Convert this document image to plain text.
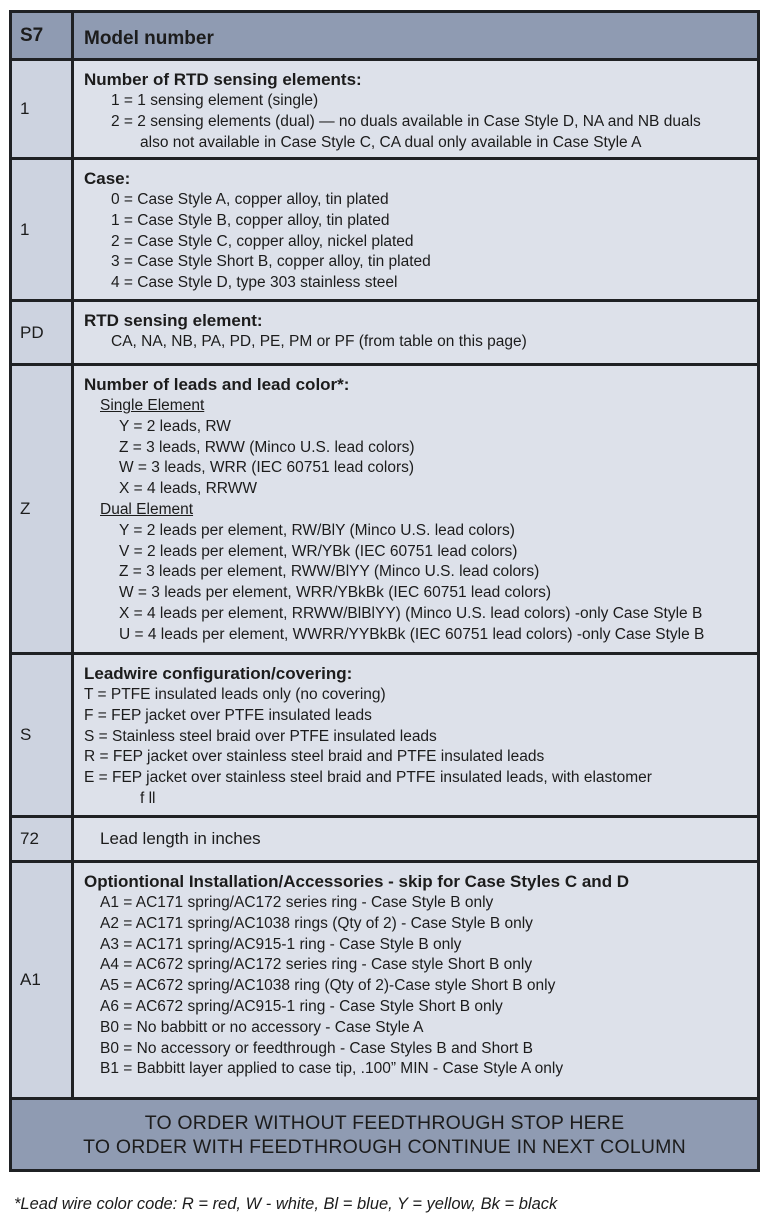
S7	Model number
1
Number of RTD sensing elements:
1 = 1 sensing element (single)
2 = 2 sensing elements (dual) — no duals available in Case Style D, NA and NB duals
also not available in Case Style C, CA dual only available in Case Style A
1
Case:
0 = Case Style A, copper alloy, tin plated
1 = Case Style B, copper alloy, tin plated
2 = Case Style C, copper alloy, nickel plated
3 = Case Style Short B, copper alloy, tin plated
4 = Case Style D, type 303 stainless steel
PD
RTD sensing element:
CA, NA, NB, PA, PD, PE, PM or PF (from table on this page)
Z
Number of leads and lead color*:
Single Element
Y = 2 leads, RW
Z = 3 leads, RWW (Minco U.S. lead colors)
W = 3 leads, WRR (IEC 60751 lead colors)
X = 4 leads, RRWW
Dual Element
Y = 2 leads per element, RW/BlY (Minco U.S. lead colors)
V = 2 leads per element, WR/YBk (IEC 60751 lead colors)
Z = 3 leads per element, RWW/BlYY (Minco U.S. lead colors)
W = 3 leads per element, WRR/YBkBk (IEC 60751 lead colors)
X = 4 leads per element, RRWW/BlBlYY) (Minco U.S. lead colors) -only Case Style B
U = 4 leads per element, WWRR/YYBkBk (IEC 60751 lead colors) -only Case Style B
S
Leadwire configuration/covering:
T = PTFE insulated leads only (no covering)
F = FEP jacket over PTFE insulated leads
S = Stainless steel braid over PTFE insulated leads
R = FEP jacket over stainless steel braid and PTFE insulated leads
E = FEP jacket over stainless steel braid and PTFE insulated leads, with elastomer
f ll
72	Lead length in inches
A1
Optiontional Installation/Accessories - skip for Case Styles C and D
A1 = AC171 spring/AC172 series ring - Case Style B only
A2 = AC171 spring/AC1038 rings (Qty of 2) - Case Style B only
A3 = AC171 spring/AC915-1 ring - Case Style B only
A4 = AC672 spring/AC172 series ring - Case style Short B only
A5 = AC672 spring/AC1038 ring (Qty of 2)-Case style Short B only
A6 = AC672 spring/AC915-1 ring - Case Style Short B only
B0 = No babbitt or no accessory - Case Style A
B0 = No accessory or feedthrough - Case Styles B and Short B
B1 = Babbitt layer applied to case tip, .100” MIN - Case Style A only
TO ORDER WITHOUT FEEDTHROUGH STOP HERE
TO ORDER WITH FEEDTHROUGH CONTINUE IN NEXT COLUMN
*Lead wire color code: R = red, W - white, Bl = blue, Y = yellow, Bk = black
